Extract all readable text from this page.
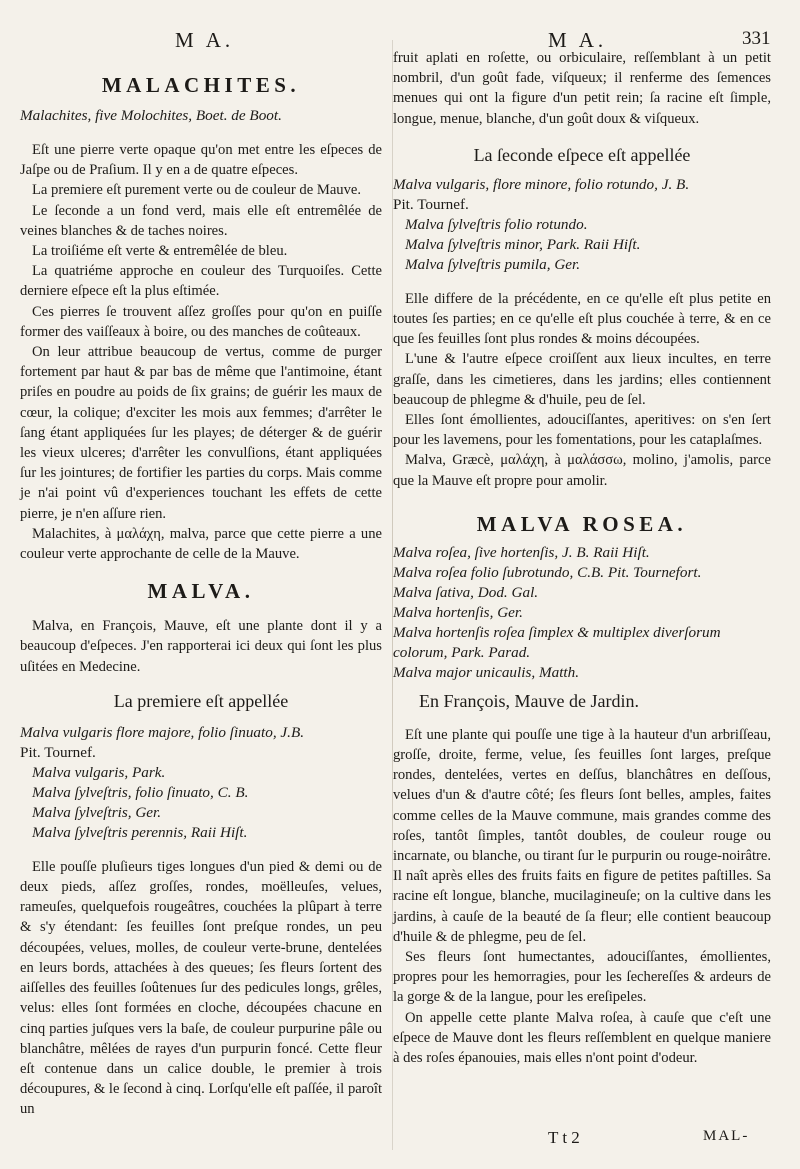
M A.	M A.	331
MALACHITES.

Malachites, five Molochites, Boet. de Boot.

Eſt une pierre verte opaque qu'on met entre les eſpeces de Jaſpe ou de Praſium. Il y en a de quatre eſpeces.

La premiere eſt purement verte ou de couleur de Mauve.

Le ſeconde a un fond verd, mais elle eſt entremêlée de veines blanches & de taches noires.

La troiſiéme eſt verte & entremêlée de bleu.

La quatriéme approche en couleur des Turquoiſes. Cette derniere eſpece eſt la plus eſtimée.

Ces pierres ſe trouvent aſſez groſſes pour qu'on en puiſſe former des vaiſſeaux à boire, ou des manches de coûteaux.

On leur attribue beaucoup de vertus, comme de purger fortement par haut & par bas de même que l'antimoine, étant priſes en poudre au poids de ſix grains; de guérir les maux de cœur, la colique; d'exciter les mois aux femmes; d'arrêter le ſang étant appliquées ſur les playes; de déterger & de guérir les vieux ulceres; d'arrêter les convulſions, étant appliquées ſur les jointures; de fortifier les parties du corps. Mais comme je n'ai point vû d'experiences touchant les effets de cette pierre, je n'en aſſure rien.

Malachites, à μαλάχη, malva, parce que cette pierre a une couleur verte approchante de celle de la Mauve.

MALVA.

Malva, en François, Mauve, eſt une plante dont il y a beaucoup d'eſpeces. J'en rapporterai ici deux qui ſont les plus uſitées en Medecine.

La premiere eſt appellée

Malva vulgaris flore majore, folio ſinuato, J.B.

Pit. Tournef.

Malva vulgaris, Park.

Malva ſylveſtris, folio ſinuato, C. B.

Malva ſylveſtris, Ger.

Malva ſylveſtris perennis, Raii Hiſt.

Elle pouſſe pluſieurs tiges longues d'un pied & demi ou de deux pieds, aſſez groſſes, rondes, moëlleuſes, velues, rameuſes, quelquefois rougeâtres, couchées la plûpart à terre & s'y étendant: ſes feuilles ſont preſque rondes, un peu découpées, velues, molles, de couleur verte-brune, dentelées en leurs bords, attachées à des queues; ſes fleurs ſortent des aiſſelles des feuilles ſoûtenues ſur des pedicules longs, grêles, velus: elles ſont formées en cloche, découpées chacune en cinq parties juſques vers la baſe, de couleur purpurine pâle ou blanchâtre, mêlées de rayes d'un purpurin foncé. Cette fleur eſt contenue dans un calice double, le premier à trois découpures, & le ſecond à cinq. Lorſqu'elle eſt paſſée, il paroît un

fruit aplati en roſette, ou orbiculaire, reſſemblant à un petit nombril, d'un goût fade, viſqueux; il renferme des ſemences menues qui ont la figure d'un petit rein; ſa racine eſt ſimple, longue, menue, blanche, d'un goût doux & viſqueux.

La ſeconde eſpece eſt appellée

Malva vulgaris, flore minore, folio rotundo, J. B.

Pit. Tournef.

Malva ſylveſtris folio rotundo.

Malva ſylveſtris minor, Park. Raii Hiſt.

Malva ſylveſtris pumila, Ger.

Elle differe de la précédente, en ce qu'elle eſt plus petite en toutes ſes parties; en ce qu'elle eſt plus couchée à terre, & en ce que ſes feuilles ſont plus rondes & moins découpées.

L'une & l'autre eſpece croiſſent aux lieux incultes, en terre graſſe, dans les cimetieres, dans les jardins; elles contiennent beaucoup de phlegme & d'huile, peu de ſel.

Elles ſont émollientes, adouciſſantes, aperitives: on s'en ſert pour les lavemens, pour les fomentations, pour les cataplaſmes.

Malva, Græcè, μαλάχη, à μαλάσσω, molino, j'amolis, parce que la Mauve eſt propre pour amolir.

MALVA ROSEA.

Malva roſea, ſive hortenſis, J. B. Raii Hiſt.

Malva roſea folio ſubrotundo, C.B. Pit. Tournefort.

Malva ſativa, Dod. Gal.

Malva hortenſis, Ger.

Malva hortenſis roſea ſimplex & multiplex diverſorum colorum, Park. Parad.

Malva major unicaulis, Matth.

En François, Mauve de Jardin.

Eſt une plante qui pouſſe une tige à la hauteur d'un arbriſſeau, groſſe, droite, ferme, velue, ſes feuilles ſont larges, preſque rondes, dentelées, vertes en deſſus, blanchâtres en deſſous, velues d'un & d'autre côté; ſes fleurs ſont belles, amples, faites comme celles de la Mauve commune, mais grandes comme des roſes, tantôt ſimples, tantôt doubles, de couleur rouge ou incarnate, ou blanche, ou tirant ſur le purpurin ou rouge-noirâtre. Il naît après elles des fruits faits en figure de petites paſtilles. Sa racine eſt longue, blanche, mucilagineuſe; on la cultive dans les jardins, à cauſe de la beauté de ſa fleur; elle contient beaucoup d'huile & de phlegme, peu de ſel.

Ses fleurs ſont humectantes, adouciſſantes, émollientes, propres pour les hemorragies, pour les ſechereſſes & ardeurs de la gorge & de la langue, pour les ereſipeles.

On appelle cette plante Malva roſea, à cauſe que c'eſt une eſpece de Mauve dont les fleurs reſſemblent en quelque maniere à des roſes épanouies, mais elles n'ont point d'odeur.

T t 2	MAL-
